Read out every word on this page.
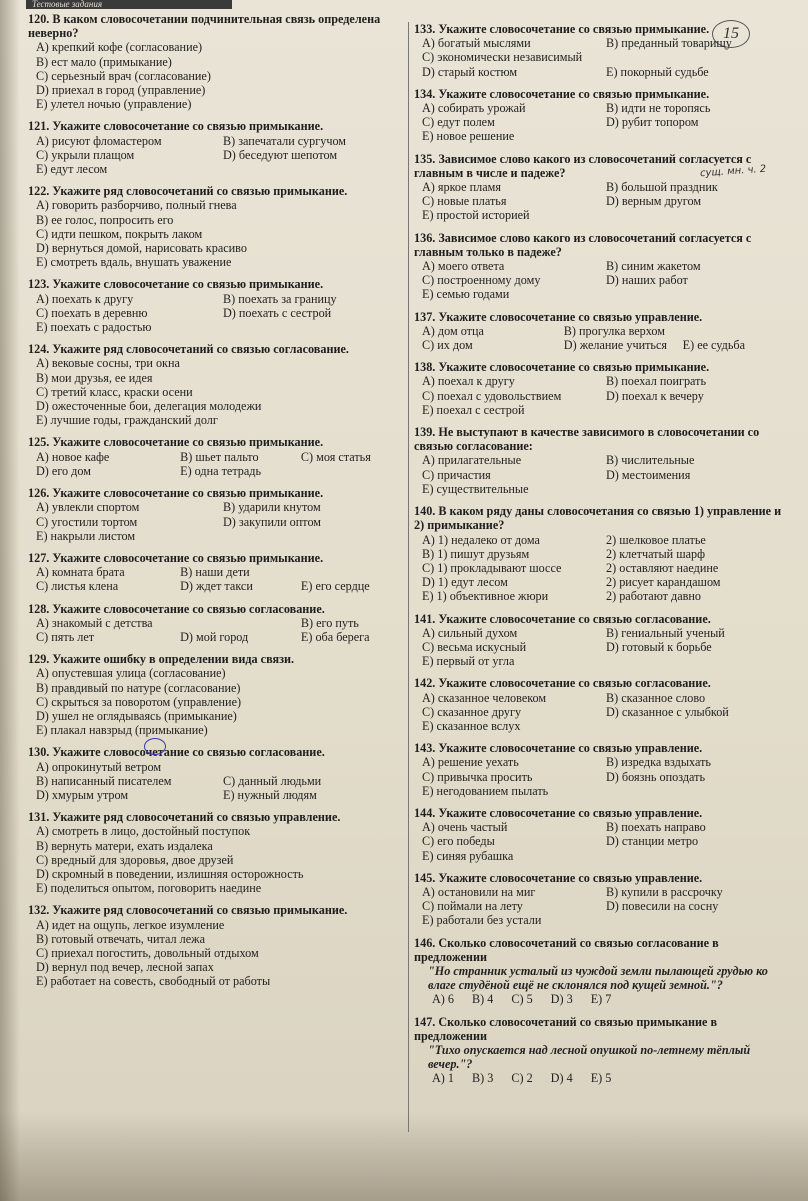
Тестовые задания
15
120. В каком словосочетании подчинительная связь определена неверно?
А) крепкий кофе (согласование)
В) ест мало (примыкание)
С) серьезный врач (согласование)
D) приехал в город (управление)
Е) улетел ночью (управление)
121. Укажите словосочетание со связью примыкание.
А) рисуют фломастером	В) запечатали сургучом
С) укрыли плащом	D) беседуют шепотом
Е) едут лесом
122. Укажите ряд словосочетаний со связью примыкание.
А) говорить разборчиво, полный гнева
В) ее голос, попросить его
С) идти пешком, покрыть лаком
D) вернуться домой, нарисовать красиво
Е) смотреть вдаль, внушать уважение
123. Укажите словосочетание со связью примыкание.
А) поехать к другу	В) поехать за границу
С) поехать в деревню	D) поехать с сестрой
Е) поехать с радостью
124. Укажите ряд словосочетаний со связью согласование.
А) вековые сосны, три окна
В) мои друзья, ее идея
С) третий класс, краски осени
D) ожесточенные бои, делегация молодежи
Е) лучшие годы, гражданский долг
125. Укажите словосочетание со связью примыкание.
А) новое кафе	В) шьет пальто	С) моя статья
D) его дом	Е) одна тетрадь
126. Укажите словосочетание со связью примыкание.
А) увлекли спортом	В) ударили кнутом
С) угостили тортом	D) закупили оптом
Е) накрыли листом
127. Укажите словосочетание со связью примыкание.
А) комната брата	В) наши дети
С) листья клена	D) ждет такси	Е) его сердце
128. Укажите словосочетание со связью согласование.
А) знакомый с детства	В) его путь
С) пять лет	D) мой город	Е) оба берега
129. Укажите ошибку в определении вида связи.
А) опустевшая улица (согласование)
В) правдивый по натуре (согласование)
С) скрыться за поворотом (управление)
D) ушел не оглядываясь (примыкание)
Е) плакал навзрыд (примыкание)
130. Укажите словосочетание со связью согласование.
А) опрокинутый ветром
В) написанный писателем	С) данный людьми
D) хмурым утром	Е) нужный людям
131. Укажите ряд словосочетаний со связью управление.
А) смотреть в лицо, достойный поступок
В) вернуть матери, ехать издалека
С) вредный для здоровья, двое друзей
D) скромный в поведении, излишняя осторожность
Е) поделиться опытом, поговорить наедине
132. Укажите ряд словосочетаний со связью примыкание.
А) идет на ощупь, легкое изумление
В) готовый отвечать, читал лежа
С) приехал погостить, довольный отдыхом
D) вернул под вечер, лесной запах
Е) работает на совесть, свободный от работы
133. Укажите словосочетание со связью примыкание.
А) богатый мыслями	В) преданный товарищу
С) экономически независимый
D) старый костюм	Е) покорный судьбе
134. Укажите словосочетание со связью примыкание.
А) собирать урожай	В) идти не торопясь
С) едут полем	D) рубит топором
Е) новое решение
135. Зависимое слово какого из словосочетаний согласуется с главным в числе и падеже?
А) яркое пламя	В) большой праздник
С) новые платья	D) верным другом
Е) простой историей
136. Зависимое слово какого из словосочетаний согласуется с главным только в падеже?
А) моего ответа	В) синим жакетом
С) построенному дому	D) наших работ
Е) семью годами
137. Укажите словосочетание со связью управление.
А) дом отца	В) прогулка верхом
С) их дом	D) желание учиться	Е) ее судьба
138. Укажите словосочетание со связью примыкание.
А) поехал к другу	В) поехал поиграть
С) поехал с удовольствием	D) поехал к вечеру
Е) поехал с сестрой
139. Не выступают в качестве зависимого в словосочетании со связью согласование:
А) прилагательные	В) числительные
С) причастия	D) местоимения
Е) существительные
140. В каком ряду даны словосочетания со связью 1) управление и 2) примыкание?
А) 1) недалеко от дома	2) шелковое платье
В) 1) пишут друзьям	2) клетчатый шарф
С) 1) прокладывают шоссе	2) оставляют наедине
D) 1) едут лесом	2) рисует карандашом
Е) 1) объективное жюри	2) работают давно
141. Укажите словосочетание со связью согласование.
А) сильный духом	В) гениальный ученый
С) весьма искусный	D) готовый к борьбе
Е) первый от угла
142. Укажите словосочетание со связью согласование.
А) сказанное человеком	В) сказанное слово
С) сказанное другу	D) сказанное с улыбкой
Е) сказанное вслух
143. Укажите словосочетание со связью управление.
А) решение уехать	В) изредка вздыхать
С) привычка просить	D) боязнь опоздать
Е) негодованием пылать
144. Укажите словосочетание со связью управление.
А) очень частый	В) поехать направо
С) его победы	D) станции метро
Е) синяя рубашка
145. Укажите словосочетание со связью управление.
А) остановили на миг	В) купили в рассрочку
С) поймали на лету	D) повесили на сосну
Е) работали без устали
146. Сколько словосочетаний со связью согласование в предложении
"Но странник усталый из чуждой земли пылающей грудью ко влаге студёной ещё не склонялся под кущей земной."?
А) 6 В) 4 С) 5 D) 3 Е) 7
147. Сколько словосочетаний со связью примыкание в предложении
"Тихо опускается над лесной опушкой по-летнему тёплый вечер."?
А) 1 В) 3 С) 2 D) 4 Е) 5
сущ. мн. ч. 2
